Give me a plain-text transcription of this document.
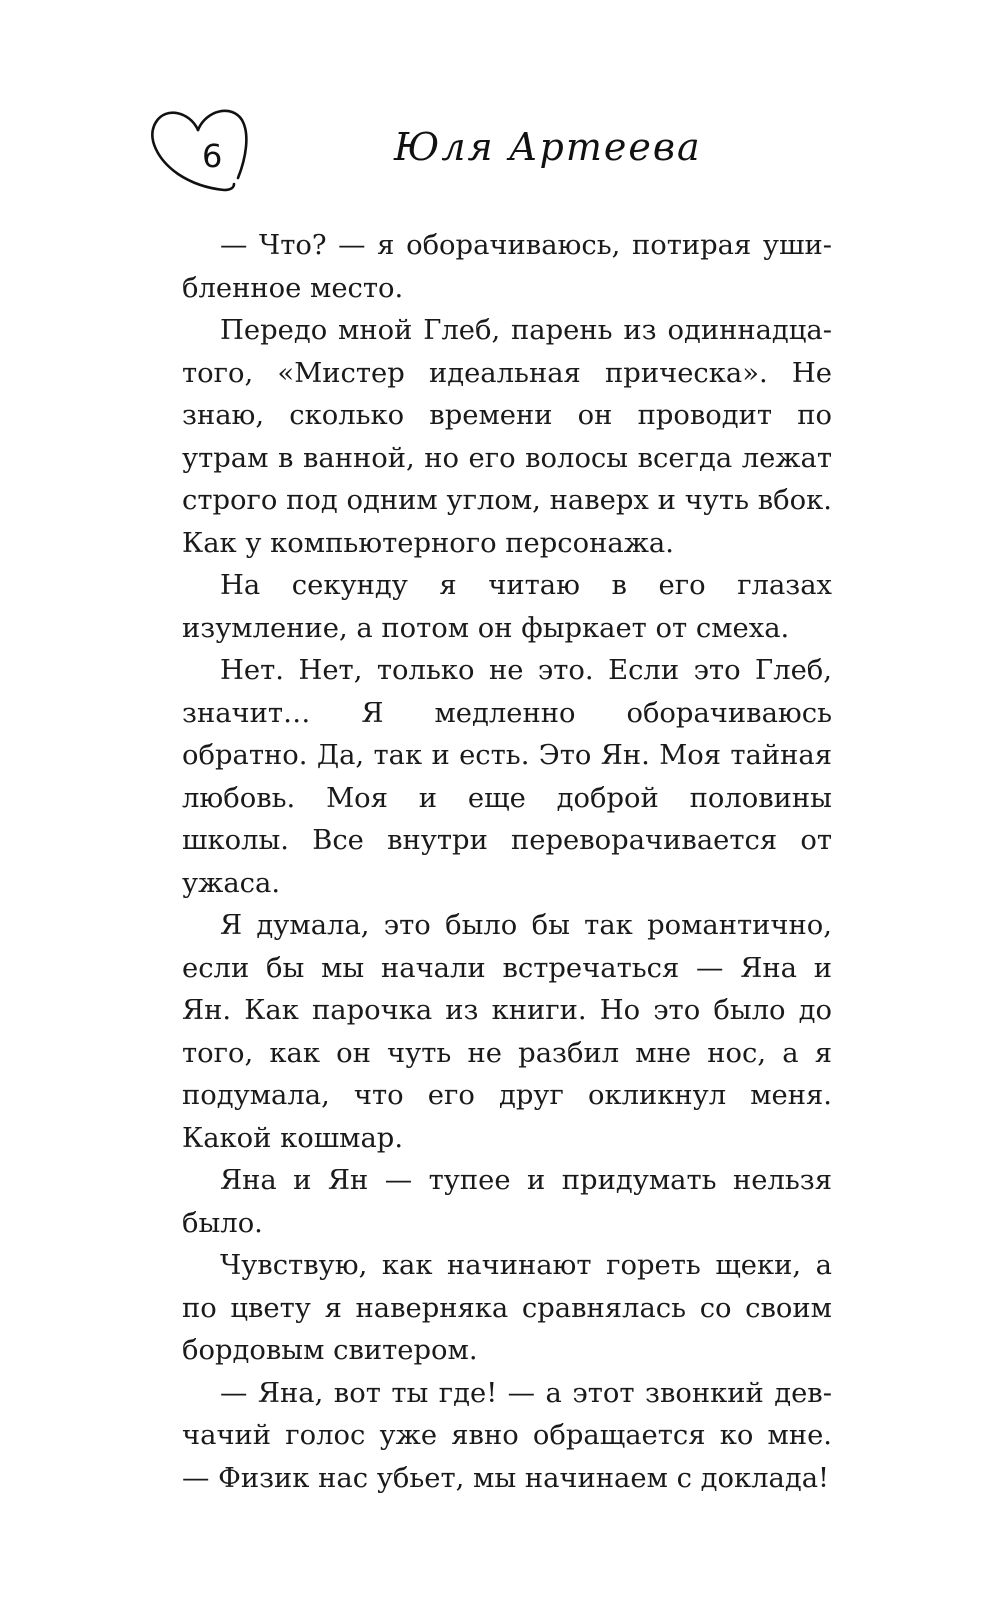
6	Юля Артеева

— Что? — я оборачиваюсь, потирая ушибленное место.

Передо мной Глеб, парень из одиннадцатого, «Мистер идеальная прическа». Не знаю, сколько времени он проводит по утрам в ванной, но его волосы всегда лежат строго под одним углом, наверх и чуть вбок. Как у компьютерного персонажа.

На секунду я читаю в его глазах изумление, а потом он фыркает от смеха.

Нет. Нет, только не это. Если это Глеб, значит… Я медленно оборачиваюсь обратно. Да, так и есть. Это Ян. Моя тайная любовь. Моя и еще доброй половины школы. Все внутри переворачивается от ужаса.

Я думала, это было бы так романтично, если бы мы начали встречаться — Яна и Ян. Как парочка из книги. Но это было до того, как он чуть не разбил мне нос, а я подумала, что его друг окликнул меня. Какой кошмар.

Яна и Ян — тупее и придумать нельзя было.

Чувствую, как начинают гореть щеки, а по цвету я наверняка сравнялась со своим бордовым свитером.

— Яна, вот ты где! — а этот звонкий девчачий голос уже явно обращается ко мне. — Физик нас убьет, мы начинаем с доклада!
